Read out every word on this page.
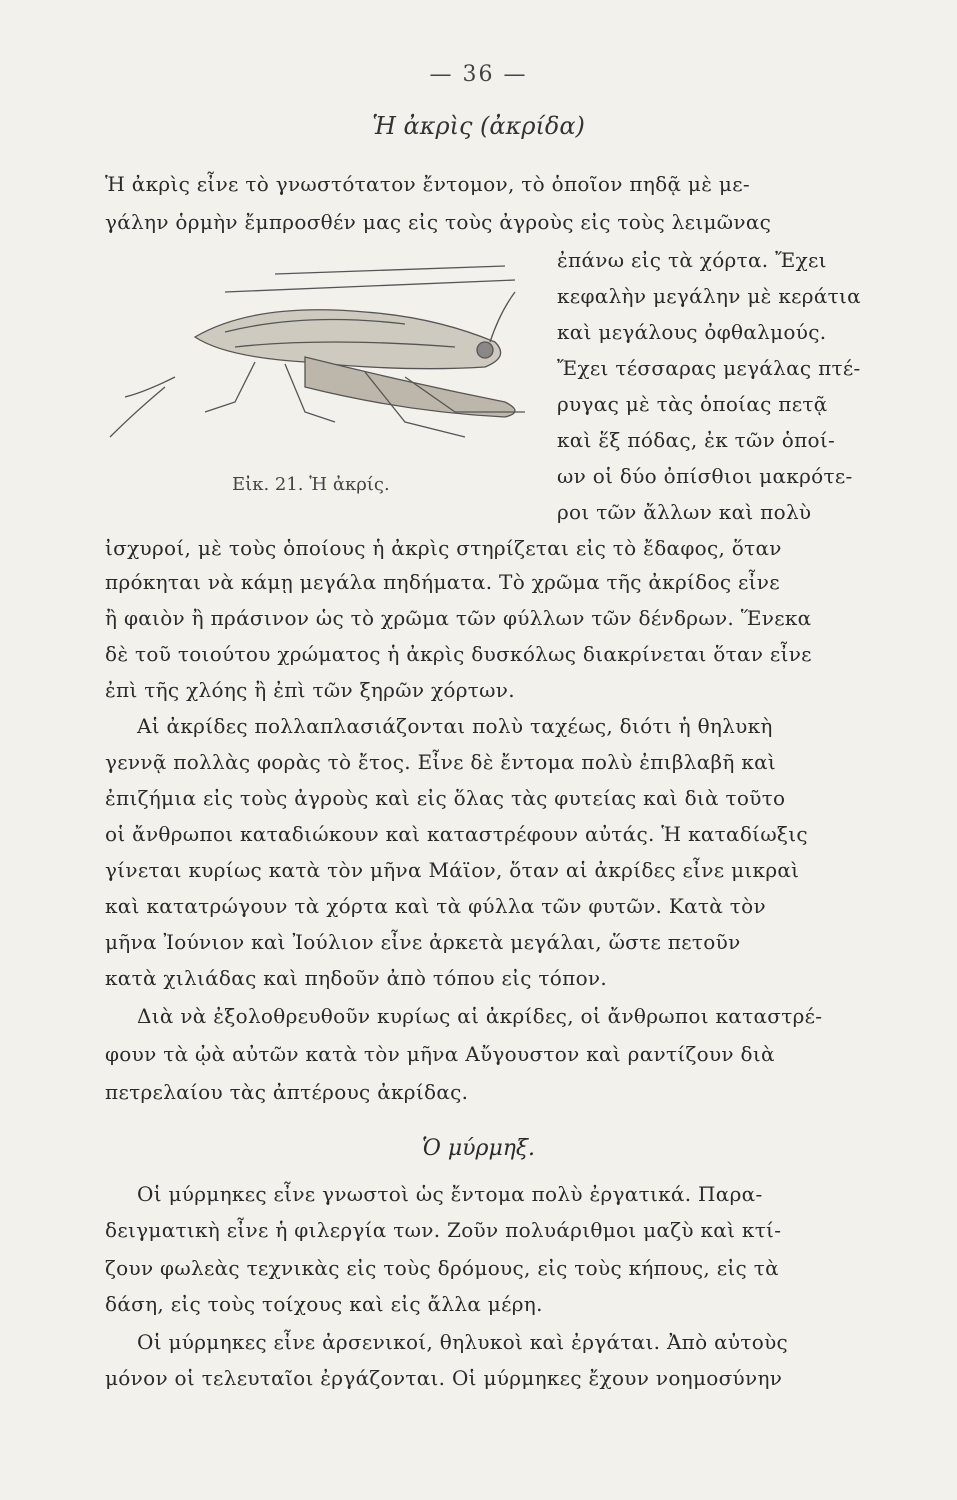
— 36 —
Ἡ ἀκρὶς (ἀκρίδα)
Ἡ ἀκρὶς εἶνε τὸ γνωστότατον ἔντομον, τὸ ὁποῖον πηδᾷ μὲ με-
γάλην ὁρμὴν ἔμπροσθέν μας εἰς τοὺς ἀγροὺς εἰς τοὺς λειμῶνας
ἐπάνω εἰς τὰ χόρτα. Ἔχει
κεφαλὴν μεγάλην μὲ κεράτια
καὶ μεγάλους ὀφθαλμούς.
Ἔχει τέσσαρας μεγάλας πτέ-
ρυγας μὲ τὰς ὁποίας πετᾷ
καὶ ἕξ πόδας, ἐκ τῶν ὁποί-
ων οἱ δύο ὀπίσθιοι μακρότε-
ροι τῶν ἄλλων καὶ πολὺ
Εἰκ. 21. Ἡ ἀκρίς.
ἰσχυροί, μὲ τοὺς ὁποίους ἡ ἀκρὶς στηρίζεται εἰς τὸ ἔδαφος, ὅταν
πρόκηται νὰ κάμῃ μεγάλα πηδήματα. Τὸ χρῶμα τῆς ἀκρίδος εἶνε
ἢ φαιὸν ἢ πράσινον ὡς τὸ χρῶμα τῶν φύλλων τῶν δένδρων. Ἕνεκα
δὲ τοῦ τοιούτου χρώματος ἡ ἀκρὶς δυσκόλως διακρίνεται ὅταν εἶνε
ἐπὶ τῆς χλόης ἢ ἐπὶ τῶν ξηρῶν χόρτων.
Αἱ ἀκρίδες πολλαπλασιάζονται πολὺ ταχέως, διότι ἡ θηλυκὴ
γεννᾷ πολλὰς φορὰς τὸ ἔτος. Εἶνε δὲ ἔντομα πολὺ ἐπιβλαβῆ καὶ
ἐπιζήμια εἰς τοὺς ἀγροὺς καὶ εἰς ὅλας τὰς φυτείας καὶ διὰ τοῦτο
οἱ ἄνθρωποι καταδιώκουν καὶ καταστρέφουν αὐτάς. Ἡ καταδίωξις
γίνεται κυρίως κατὰ τὸν μῆνα Μάϊον, ὅταν αἱ ἀκρίδες εἶνε μικραὶ
καὶ κατατρώγουν τὰ χόρτα καὶ τὰ φύλλα τῶν φυτῶν. Κατὰ τὸν
μῆνα Ἰούνιον καὶ Ἰούλιον εἶνε ἀρκετὰ μεγάλαι, ὥστε πετοῦν
κατὰ χιλιάδας καὶ πηδοῦν ἀπὸ τόπου εἰς τόπον.
Διὰ νὰ ἐξολοθρευθοῦν κυρίως αἱ ἀκρίδες, οἱ ἄνθρωποι καταστρέ-
φουν τὰ ᾠὰ αὐτῶν κατὰ τὸν μῆνα Αὔγουστον καὶ ραντίζουν διὰ
πετρελαίου τὰς ἀπτέρους ἀκρίδας.
Ὁ μύρμηξ.
Οἱ μύρμηκες εἶνε γνωστοὶ ὡς ἔντομα πολὺ ἐργατικά. Παρα-
δειγματικὴ εἶνε ἡ φιλεργία των. Ζοῦν πολυάριθμοι μαζὺ καὶ κτί-
ζουν φωλεὰς τεχνικὰς εἰς τοὺς δρόμους, εἰς τοὺς κήπους, εἰς τὰ
δάση, εἰς τοὺς τοίχους καὶ εἰς ἄλλα μέρη.
Οἱ μύρμηκες εἶνε ἀρσενικοί, θηλυκοὶ καὶ ἐργάται. Ἀπὸ αὐτοὺς
μόνον οἱ τελευταῖοι ἐργάζονται. Οἱ μύρμηκες ἔχουν νοημοσύνην
